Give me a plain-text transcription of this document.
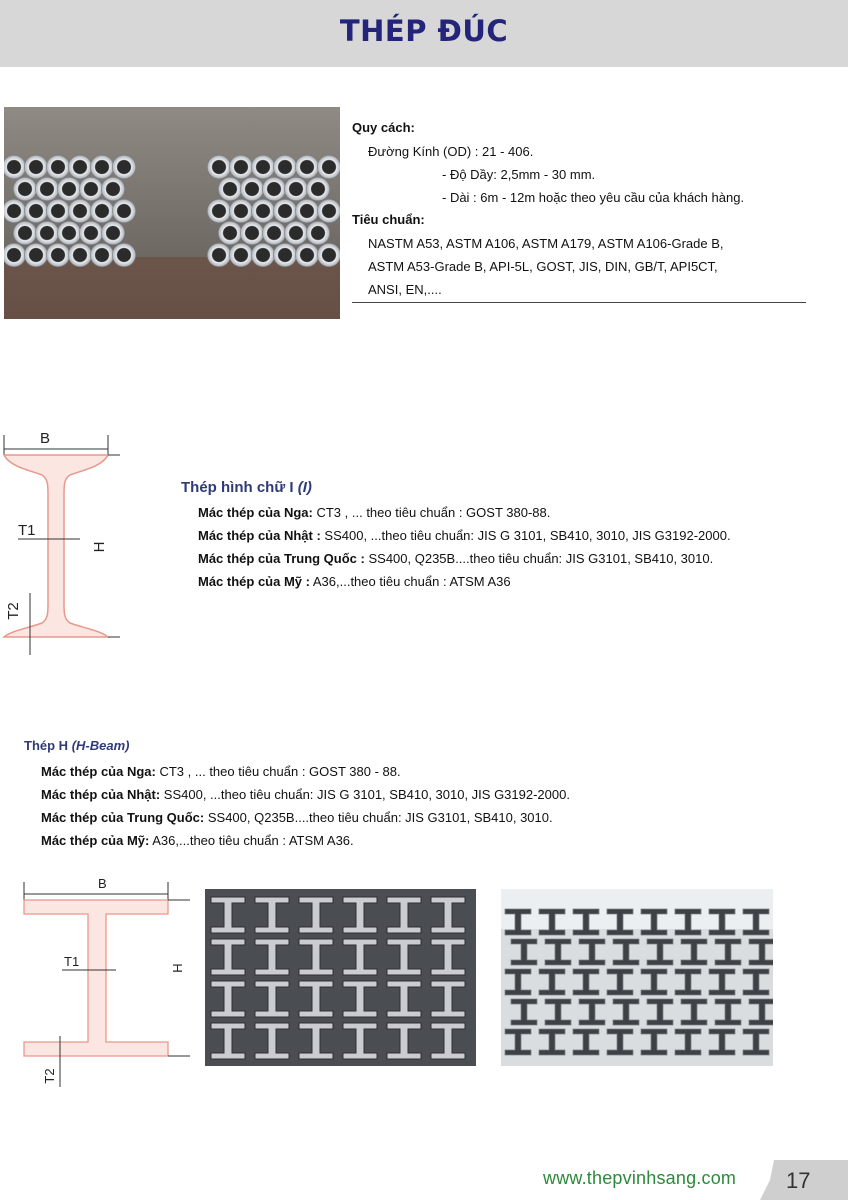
THÉP ĐÚC
Quy cách:
Đường Kính (OD) : 21 - 406.
- Độ Dầy: 2,5mm - 30 mm.
- Dài : 6m - 12m hoặc theo yêu cầu của khách hàng.
Tiêu chuẩn:
NASTM A53, ASTM A106, ASTM A179, ASTM A106-Grade B,
ASTM A53-Grade B, API-5L, GOST, JIS, DIN, GB/T, API5CT,
ANSI, EN,....
B
H
T1
T2
Thép hình chữ I (I)
Mác thép của Nga: CT3 , ... theo tiêu chuẩn : GOST 380-88.
Mác thép của Nhật : SS400, ...theo tiêu chuẩn: JIS G 3101, SB410, 3010, JIS G3192-2000.
Mác thép của Trung Quốc : SS400, Q235B....theo tiêu chuẩn: JIS G3101, SB410, 3010.
Mác thép của Mỹ : A36,...theo tiêu chuẩn : ATSM A36
Thép H (H-Beam)
Mác thép của Nga: CT3 , ... theo tiêu chuẩn : GOST 380 - 88.
Mác thép của Nhật: SS400, ...theo tiêu chuẩn: JIS G 3101, SB410, 3010, JIS G3192-2000.
Mác thép của Trung Quốc: SS400, Q235B....theo tiêu chuẩn: JIS G3101, SB410, 3010.
Mác thép của Mỹ: A36,...theo tiêu chuẩn : ATSM A36.
B
H
T1
T2
www.thepvinhsang.com 17
